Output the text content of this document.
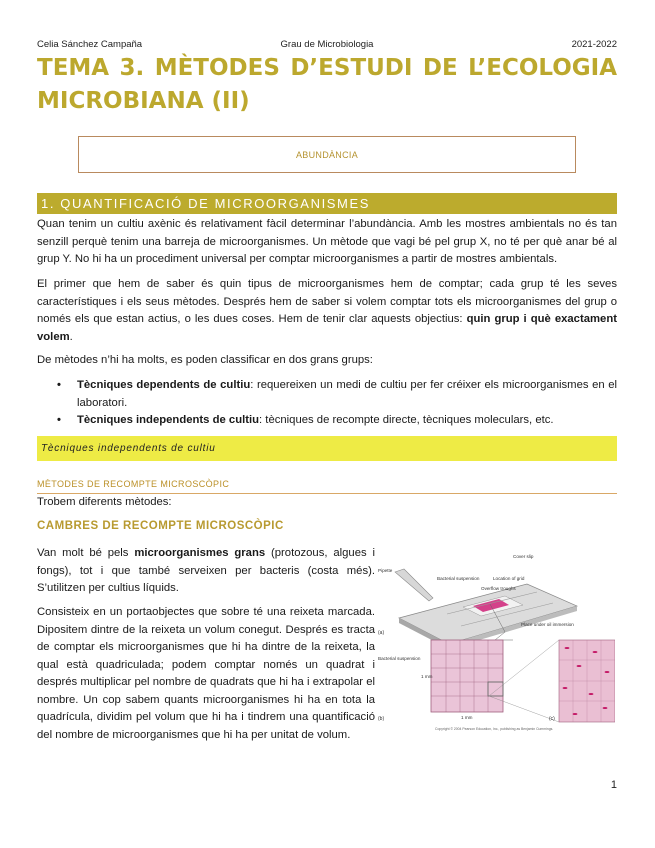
Celia Sánchez Campaña	Grau de Microbiologia	2021-2022
TEMA 3. MÈTODES D’ESTUDI DE L’ECOLOGIA MICROBIANA (II)
ABUNDÀNCIA
1. QUANTIFICACIÓ DE MICROORGANISMES

Quan tenim un cultiu axènic és relativament fàcil determinar l’abundància. Amb les mostres ambientals no és tan senzill perquè tenim una barreja de microorganismes. Un mètode que vagi bé pel grup X, no té per què anar bé al grup Y. No hi ha un procediment universal per comptar microorganismes a partir de mostres ambientals.

El primer que hem de saber és quin tipus de microorganismes hem de comptar; cada grup té les seves característiques i els seus mètodes. Després hem de saber si volem comptar tots els microorganismes del grup o només els que estan actius, o les dues coses. Hem de tenir clar aquests objectius: quin grup i què exactament volem.

De mètodes n’hi ha molts, es poden classificar en dos grans grups:

• Tècniques dependents de cultiu: requereixen un medi de cultiu per fer créixer els microorganismes en el laboratori.
• Tècniques independents de cultiu: tècniques de recompte directe, tècniques moleculars, etc.
Tècniques independents de cultiu
MÈTODES DE RECOMPTE MICROSCÒPIC

Trobem diferents mètodes:

CAMBRES DE RECOMPTE MICROSCÒPIC

Van molt bé pels microorganismes grans (protozous, algues i fongs), tot i que també serveixen per bacteris (costa més). S’utilitzen per cultius líquids.

Consisteix en un portaobjectes que sobre té una reixeta marcada. Dipositem dintre de la reixeta un volum conegut. Després es tracta de comptar els microorganismes que hi ha dintre de la reixeta, la qual està quadriculada; podem comptar només un quadrat i després multiplicar pel nombre de quadrats que hi ha i extrapolar el nombre. Un cop sabem quants microorganismes hi ha en tota la quadrícula, dividim pel volum que hi ha i tindrem una quantificació del nombre de microorganismes que hi ha per unitat de volum.

Cover slip
Pipette
Bacterial suspension	Location of grid
Overflow troughs
Place under oil immersion
(a)
Bacterial suspension
1 mm
1 mm
(b)	(c)
Copyright © 2004 Pearson Education, Inc., publishing as Benjamin Cummings.
1
